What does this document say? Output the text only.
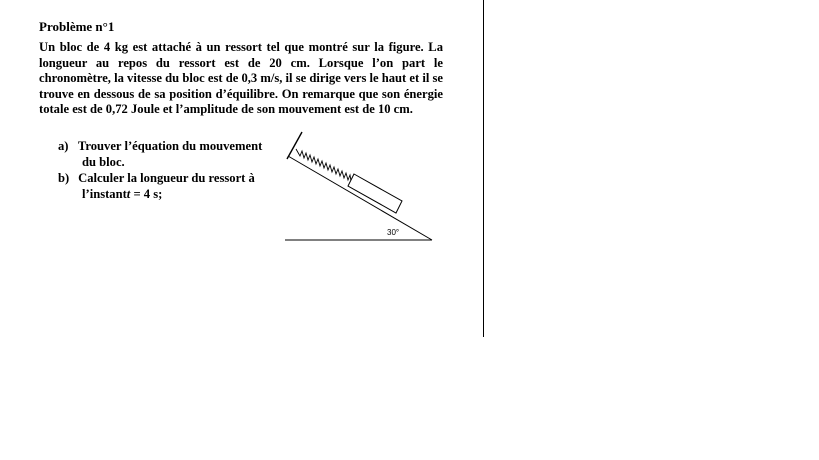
Problème n°1

Un bloc de 4 kg est attaché à un ressort tel que montré sur la figure. La longueur au repos du ressort est de 20 cm. Lorsque l’on part le chronomètre, la vitesse du bloc est de 0,3 m/s, il se dirige vers le haut et il se trouve en dessous de sa position d’équilibre. On remarque que son énergie totale est de 0,72 Joule et l’amplitude de son mouvement est de 10 cm.

a) Trouver l’équation du mouvement
du bloc.
b) Calculer la longueur du ressort à
l’instantt = 4 s;
30°
